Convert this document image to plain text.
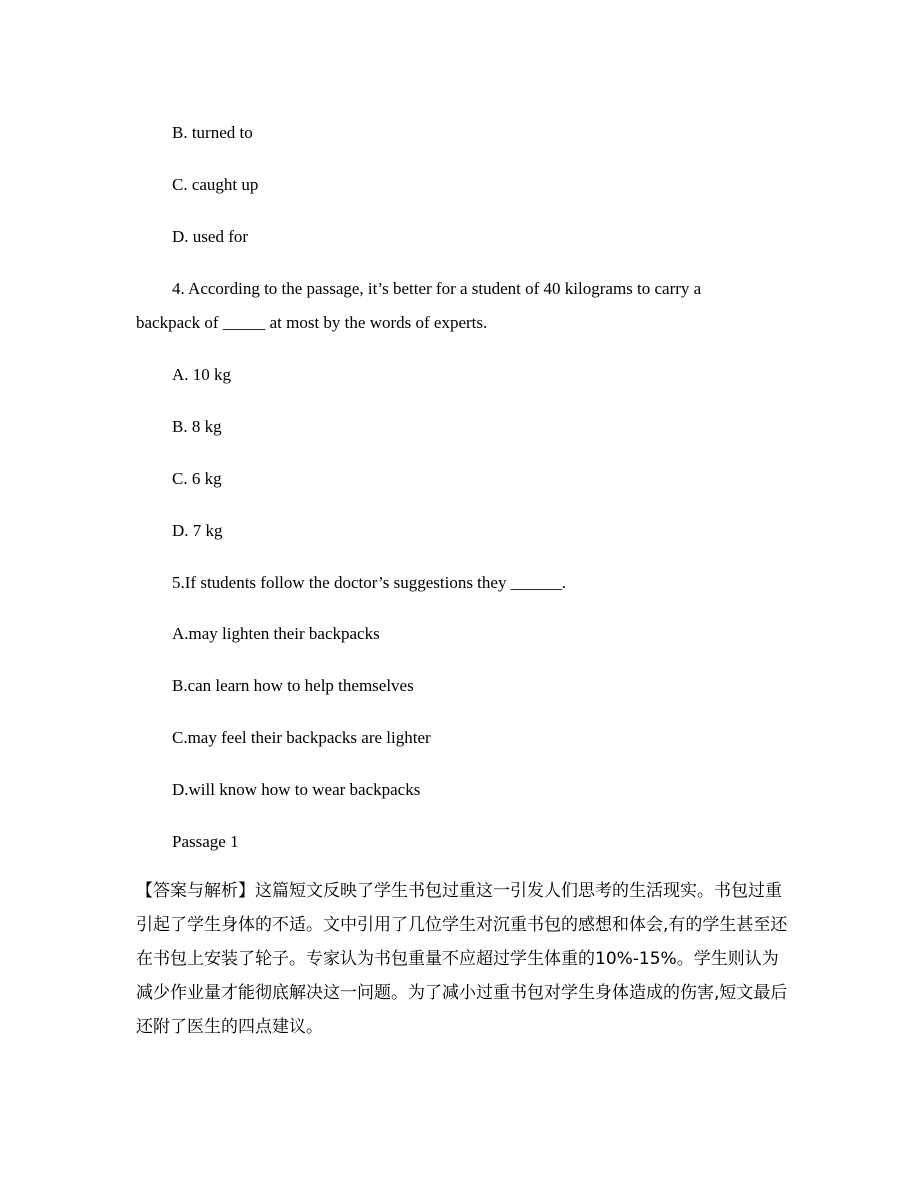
B. turned to
C. caught up
D. used for
4. According to the passage, it’s better for a student of 40 kilograms to carry a
backpack of _____ at most by the words of experts.
A. 10 kg
B. 8 kg
C. 6 kg
D. 7 kg
5.If students follow the doctor’s suggestions they ______.
A.may lighten their backpacks
B.can learn how to help themselves
C.may feel their backpacks are lighter
D.will know how to wear backpacks
Passage 1
【答案与解析】这篇短文反映了学生书包过重这一引发人们思考的生活现实。书包过重引起了学生身体的不适。文中引用了几位学生对沉重书包的感想和体会,有的学生甚至还在书包上安装了轮子。专家认为书包重量不应超过学生体重的10%-15%。学生则认为减少作业量才能彻底解决这一问题。为了减小过重书包对学生身体造成的伤害,短文最后还附了医生的四点建议。
